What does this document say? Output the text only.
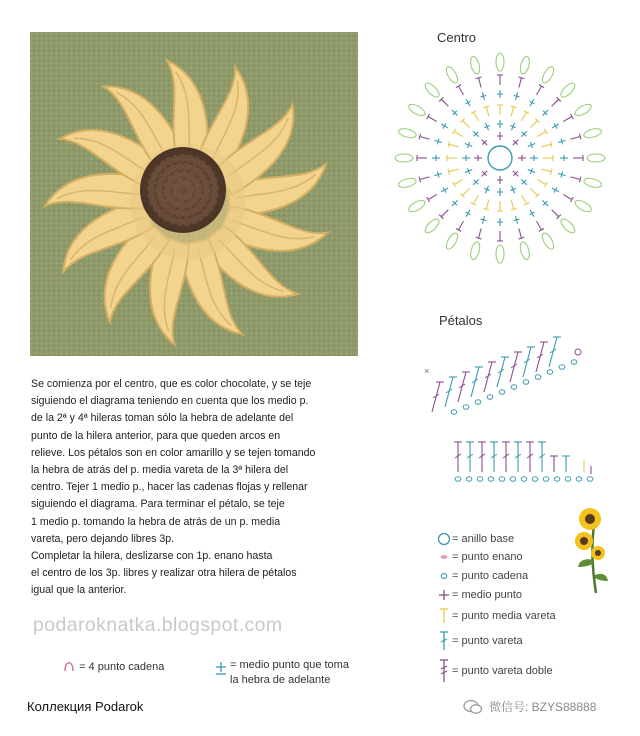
Centro
Pétalos
×
Se comienza por el centro, que es color chocolate, y se teje
siguiendo el diagrama teniendo en cuenta que los medio p.
de la 2ª y 4ª hileras toman sólo la hebra de adelante del
punto de la hilera anterior, para que queden arcos en
relieve. Los pétalos son en color amarillo y se tejen tomando
la hebra de atrás del p. media vareta de la 3ª hilera del
centro. Tejer 1 medio p., hacer las cadenas flojas y rellenar
siguiendo el diagrama. Para terminar el pétalo, se teje
1 medio p. tomando la hebra de atrás de un p. media
vareta, pero dejando libres 3p.
Completar la hilera, deslizarse con 1p. enano hasta
el centro de los 3p. libres y realizar otra hilera de pétalos
igual que la anterior.
podaroknatka.blogspot.com
= 4 punto cadena	= medio punto que toma
la hebra de adelante
= anillo base
= punto enano
= punto cadena
= medio punto
= punto media vareta
= punto vareta
= punto vareta doble
Коллекция Podarok	微信号: BZYS88888
